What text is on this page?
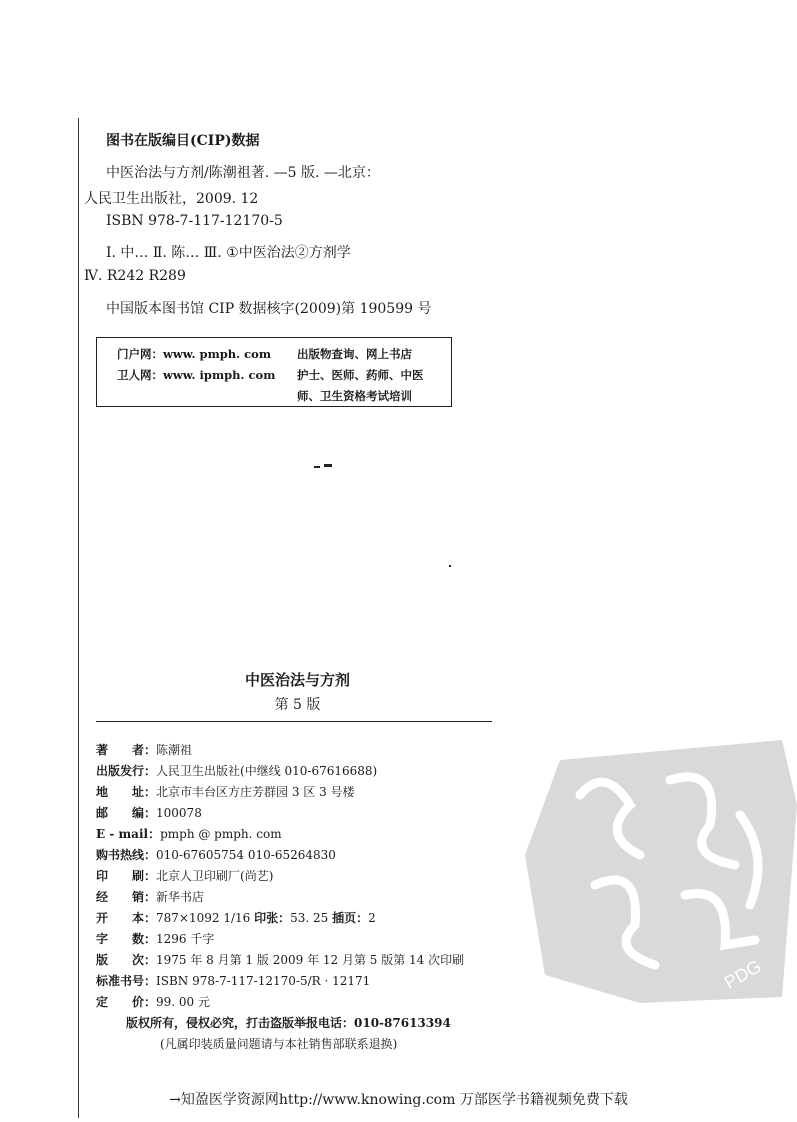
图书在版编目(CIP)数据
中医治法与方剂/陈潮祖著. —5 版. —北京：
人民卫生出版社，2009. 12
ISBN 978-7-117-12170-5
Ⅰ. 中… Ⅱ. 陈… Ⅲ. ①中医治法②方剂学
Ⅳ. R242 R289
中国版本图书馆 CIP 数据核字(2009)第 190599 号
门户网：www. pmph. com 出版物查询、网上书店
卫人网：www. ipmph. com 护士、医师、药师、中医
师、卫生资格考试培训
中医治法与方剂
第 5 版
著　　者：陈潮祖
出版发行：人民卫生出版社(中继线 010-67616688)
地　　址：北京市丰台区方庄芳群园 3 区 3 号楼
邮　　编：100078
E - mail：pmph @ pmph. com
购书热线：010-67605754 010-65264830
印　　刷：北京人卫印刷厂(尚艺)
经　　销：新华书店
开　　本：787×1092 1/16 印张：53. 25 插页：2
字　　数：1296 千字
版　　次：1975 年 8 月第 1 版 2009 年 12 月第 5 版第 14 次印刷
标准书号：ISBN 978-7-117-12170-5/R · 12171
定　　价：99. 00 元
版权所有，侵权必究，打击盗版举报电话：010-87613394
(凡属印装质量问题请与本社销售部联系退换)
PDG
→知盈医学资源网http://www.knowing.com 万部医学书籍视频免费下载
